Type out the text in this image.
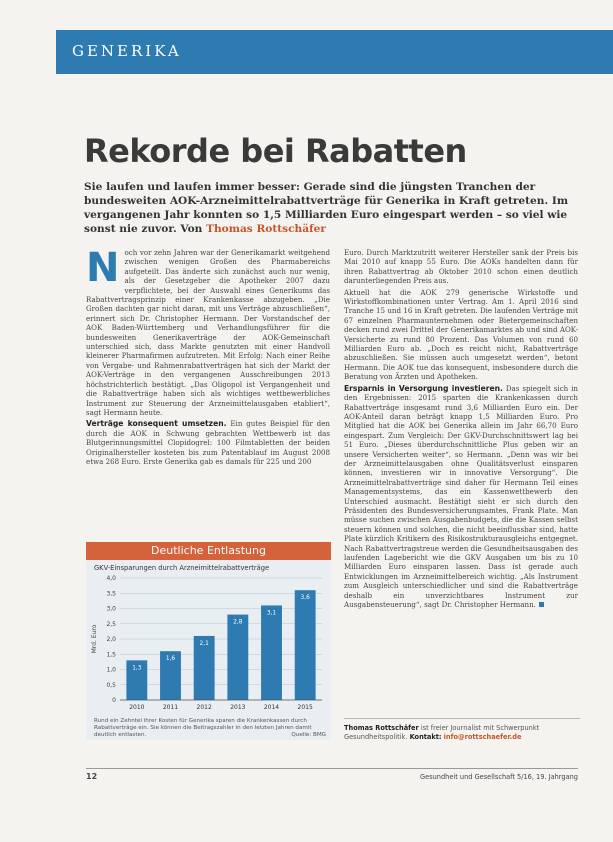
GENERIKA
Rekorde bei Rabatten
Sie laufen und laufen immer besser: Gerade sind die jüngsten Tranchen der bundesweiten AOK-Arzneimittelrabattverträge für Generika in Kraft getreten. Im vergangenen Jahr konnten so 1,5 Milliarden Euro eingespart werden – so viel wie sonst nie zuvor. Von Thomas Rottschäfer

Noch vor zehn Jahren war der Generikamarkt weitgehend zwischen wenigen Großen des Pharmabereichs aufgeteilt. Das änderte sich zunächst auch nur wenig, als der Gesetzgeber die Apotheker 2007 dazu verpflichtete, bei der Auswahl eines Generikums das Rabattvertragsprinzip einer Krankenkasse abzugeben. „Die Großen dachten gar nicht daran, mit uns Verträge abzuschließen“, erinnert sich Dr. Christopher Hermann. Der Vorstandschef der AOK Baden-Württemberg und Verhandlungsführer für die bundesweiten Generikaverträge der AOK-Gemeinschaft unterschied sich, dass Markte genutzten mit einer Handvoll kleinerer Pharmafirmen aufzutreten. Mit Erfolg: Nach einer Reihe von Vergabe- und Rahmenrabattverträgen hat sich der Markt der AOK-Verträge in den vergangenen Ausschreibungen 2013 höchstrichterlich bestätigt. „Das Oligopol ist Vergangenheit und die Rabattverträge haben sich als wichtiges wettbewerbliches Instrument zur Steuerung der Arzneimittelausgaben etabliert“, sagt Hermann heute.

Verträge konsequent umsetzen. Ein gutes Beispiel für den durch die AOK in Schwung gebrachten Wettbewerb ist das Blutgerinnungsmittel Clopidogrel: 100 Filmtabletten der beiden Originalhersteller kosteten bis zum Patentablauf im August 2008 etwa 268 Euro. Erste Generika gab es damals für 225 und 200

Euro. Durch Marktzutritt weiterer Hersteller sank der Preis bis Mai 2010 auf knapp 55 Euro. Die AOKs handelten dann für ihren Rabattvertrag ab Oktober 2010 schon einen deutlich darunterliegenden Preis aus.

Aktuell hat die AOK 279 generische Wirkstoffe und Wirkstoffkombinationen unter Vertrag. Am 1. April 2016 sind Tranche 15 und 16 in Kraft getreten. Die laufenden Verträge mit 67 einzelnen Pharmaunternehmen oder Bietergemeinschaften decken rund zwei Drittel der Generikamarktes ab und sind AOK-Versicherte zu rund 80 Prozent. Das Volumen von rund 60 Milliarden Euro ab. „Doch es reicht nicht, Rabattverträge abzuschließen. Sie müssen auch umgesetzt werden“, betont Hermann. Die AOK tue das konsequent, insbesondere durch die Beratung von Ärzten und Apotheken.

Ersparnis in Versorgung investieren. Das spiegelt sich in den Ergebnissen: 2015 sparten die Krankenkassen durch Rabattverträge insgesamt rund 3,6 Milliarden Euro ein. Der AOK-Anteil daran beträgt knapp 1,5 Milliarden Euro. Pro Mitglied hat die AOK bei Generika allein im Jahr 66,70 Euro eingespart. Zum Vergleich: Der GKV-Durchschnittswert lag bei 51 Euro. „Dieses überdurchschnittliche Plus geben wir an unsere Versicherten weiter“, so Hermann. „Denn was wir bei der Arzneimittelausgaben ohne Qualitätsverlust einsparen können, investieren wir in innovative Versorgung“. Die Arzneimittelrabattverträge sind daher für Hermann Teil eines Managementsystems, das ein Kassenwettbewerb den Unterschied ausmacht. Bestätigt sieht er sich durch den Präsidenten des Bundesversicherungsamtes, Frank Plate. Man müsse suchen zwischen Ausgabenbudgets, die die Kassen selbst steuern können und solchen, die nicht beeinflussbar sind, hatte Plate kürzlich Kritikern des Risikostrukturausgleichs entgegnet. Nach Rabattvertragstreue werden die Gesundheitsausgaben des laufenden Lagebericht wie die GKV Ausgaben um bis zu 10 Milliarden Euro einsparen lassen. Dass ist gerade auch Entwicklungen im Arzneimittelbereich wichtig. „Als Instrument zum Ausgleich unterschiedlicher und sind die Rabattverträge deshalb ein unverzichtbares Instrument zur Ausgabensteuerung“, sagt Dr. Christopher Hermann.

Thomas Rottschäfer ist freier Journalist mit Schwerpunkt Gesundheitspolitik. Kontakt: info@rottschaefer.de
Deutliche Entlastung
GKV-Einsparungen durch Arzneimittelrabattverträge
0
0,5
1,0
1,5
2,0
2,5
3,0
3,5
4,0
Mrd. Euro
1,3
2010
1,6
2011
2,1
2012
2,8
2013
3,1
2014
3,6
2015
Rund ein Zehntel ihrer Kosten für Generika sparen die Krankenkassen durch Rabattverträge ein. Sie können die Beitragszahler in den letzten Jahren damit deutlich entlasten.	Quelle: BMG
12	Gesundheit und Gesellschaft 5/16, 19. Jahrgang
